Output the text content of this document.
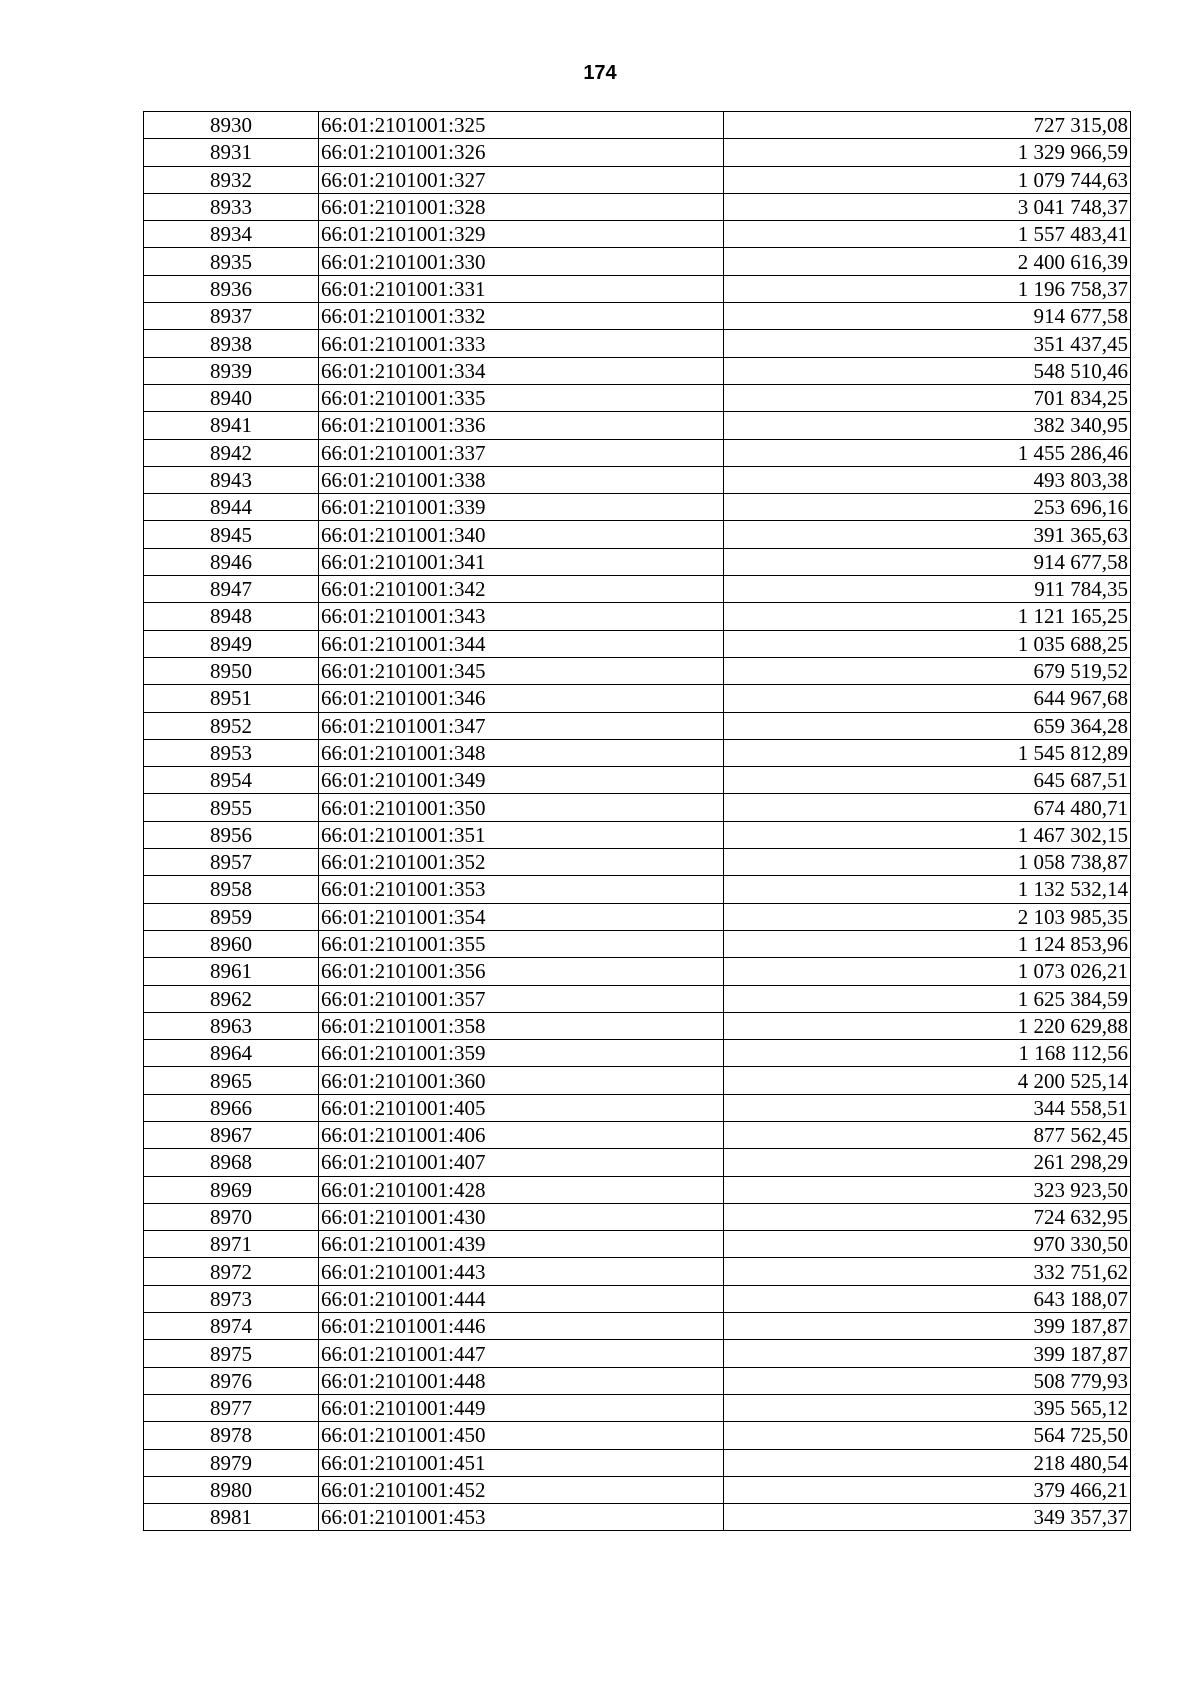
174
8930	66:01:2101001:325	727 315,08
8931	66:01:2101001:326	1 329 966,59
8932	66:01:2101001:327	1 079 744,63
8933	66:01:2101001:328	3 041 748,37
8934	66:01:2101001:329	1 557 483,41
8935	66:01:2101001:330	2 400 616,39
8936	66:01:2101001:331	1 196 758,37
8937	66:01:2101001:332	914 677,58
8938	66:01:2101001:333	351 437,45
8939	66:01:2101001:334	548 510,46
8940	66:01:2101001:335	701 834,25
8941	66:01:2101001:336	382 340,95
8942	66:01:2101001:337	1 455 286,46
8943	66:01:2101001:338	493 803,38
8944	66:01:2101001:339	253 696,16
8945	66:01:2101001:340	391 365,63
8946	66:01:2101001:341	914 677,58
8947	66:01:2101001:342	911 784,35
8948	66:01:2101001:343	1 121 165,25
8949	66:01:2101001:344	1 035 688,25
8950	66:01:2101001:345	679 519,52
8951	66:01:2101001:346	644 967,68
8952	66:01:2101001:347	659 364,28
8953	66:01:2101001:348	1 545 812,89
8954	66:01:2101001:349	645 687,51
8955	66:01:2101001:350	674 480,71
8956	66:01:2101001:351	1 467 302,15
8957	66:01:2101001:352	1 058 738,87
8958	66:01:2101001:353	1 132 532,14
8959	66:01:2101001:354	2 103 985,35
8960	66:01:2101001:355	1 124 853,96
8961	66:01:2101001:356	1 073 026,21
8962	66:01:2101001:357	1 625 384,59
8963	66:01:2101001:358	1 220 629,88
8964	66:01:2101001:359	1 168 112,56
8965	66:01:2101001:360	4 200 525,14
8966	66:01:2101001:405	344 558,51
8967	66:01:2101001:406	877 562,45
8968	66:01:2101001:407	261 298,29
8969	66:01:2101001:428	323 923,50
8970	66:01:2101001:430	724 632,95
8971	66:01:2101001:439	970 330,50
8972	66:01:2101001:443	332 751,62
8973	66:01:2101001:444	643 188,07
8974	66:01:2101001:446	399 187,87
8975	66:01:2101001:447	399 187,87
8976	66:01:2101001:448	508 779,93
8977	66:01:2101001:449	395 565,12
8978	66:01:2101001:450	564 725,50
8979	66:01:2101001:451	218 480,54
8980	66:01:2101001:452	379 466,21
8981	66:01:2101001:453	349 357,37
